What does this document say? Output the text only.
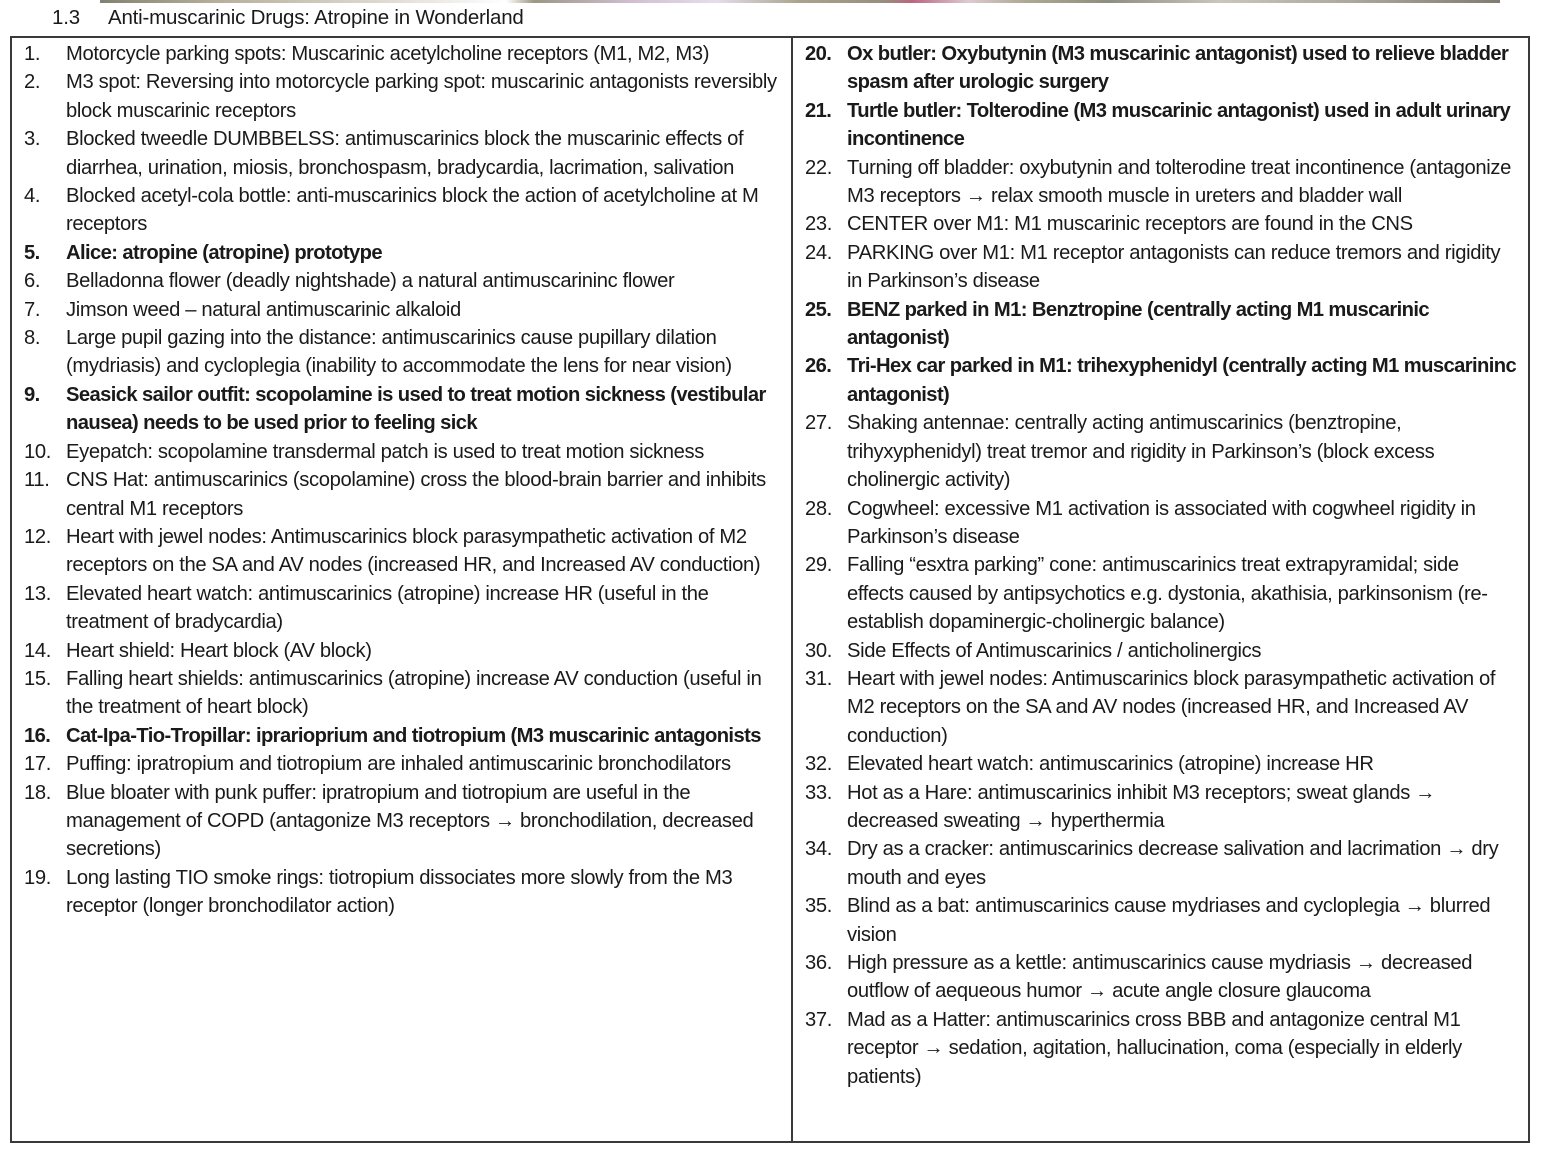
1.3 Anti-muscarinic Drugs: Atropine in Wonderland
1.	Motorcycle parking spots: Muscarinic acetylcholine receptors (M1, M2, M3)
2.	M3 spot: Reversing into motorcycle parking spot: muscarinic antagonists reversibly block muscarinic receptors
3.	Blocked tweedle DUMBBELSS: antimuscarinics block the muscarinic effects of diarrhea, urination, miosis, bronchospasm, bradycardia, lacrimation, salivation
4.	Blocked acetyl-cola bottle: anti-muscarinics block the action of acetylcholine at M receptors
5.	Alice: atropine (atropine) prototype
6.	Belladonna flower (deadly nightshade) a natural antimuscarininc flower
7.	Jimson weed – natural antimuscarinic alkaloid
8.	Large pupil gazing into the distance: antimuscarinics cause pupillary dilation (mydriasis) and cycloplegia (inability to accommodate the lens for near vision)
9.	Seasick sailor outfit: scopolamine is used to treat motion sickness (vestibular nausea) needs to be used prior to feeling sick
10. Eyepatch: scopolamine transdermal patch is used to treat motion sickness
11. CNS Hat: antimuscarinics (scopolamine) cross the blood-brain barrier and inhibits central M1 receptors
12. Heart with jewel nodes: Antimuscarinics block parasympathetic activation of M2 receptors on the SA and AV nodes (increased HR, and Increased AV conduction)
13. Elevated heart watch: antimuscarinics (atropine) increase HR (useful in the treatment of bradycardia)
14. Heart shield: Heart block (AV block)
15. Falling heart shields: antimuscarinics (atropine) increase AV conduction (useful in the treatment of heart block)
16. Cat-Ipa-Tio-Tropillar: iprarioprium and tiotropium (M3 muscarinic antagonists
17. Puffing: ipratropium and tiotropium are inhaled antimuscarinic bronchodilators
18. Blue bloater with punk puffer: ipratropium and tiotropium are useful in the management of COPD (antagonize M3 receptors → bronchodilation, decreased secretions)
19. Long lasting TIO smoke rings: tiotropium dissociates more slowly from the M3 receptor (longer bronchodilator action)
20. Ox butler: Oxybutynin (M3 muscarinic antagonist) used to relieve bladder spasm after urologic surgery
21. Turtle butler: Tolterodine (M3 muscarinic antagonist) used in adult urinary incontinence
22. Turning off bladder: oxybutynin and tolterodine treat incontinence (antagonize M3 receptors → relax smooth muscle in ureters and bladder wall
23. CENTER over M1: M1 muscarinic receptors are found in the CNS
24. PARKING over M1: M1 receptor antagonists can reduce tremors and rigidity in Parkinson’s disease
25. BENZ parked in M1: Benztropine (centrally acting M1 muscarinic antagonist)
26. Tri-Hex car parked in M1: trihexyphenidyl (centrally acting M1 muscarininc antagonist)
27. Shaking antennae: centrally acting antimuscarinics (benztropine, trihyxyphenidyl) treat tremor and rigidity in Parkinson’s (block excess cholinergic activity)
28. Cogwheel: excessive M1 activation is associated with cogwheel rigidity in Parkinson’s disease
29. Falling “esxtra parking” cone: antimuscarinics treat extrapyramidal; side effects caused by antipsychotics e.g. dystonia, akathisia, parkinsonism (re-establish dopaminergic-cholinergic balance)
30. Side Effects of Antimuscarinics / anticholinergics
31. Heart with jewel nodes: Antimuscarinics block parasympathetic activation of M2 receptors on the SA and AV nodes (increased HR, and Increased AV conduction)
32. Elevated heart watch: antimuscarinics (atropine) increase HR
33. Hot as a Hare: antimuscarinics inhibit M3 receptors; sweat glands → decreased sweating → hyperthermia
34. Dry as a cracker: antimuscarinics decrease salivation and lacrimation → dry mouth and eyes
35. Blind as a bat: antimuscarinics cause mydriases and cycloplegia → blurred vision
36. High pressure as a kettle: antimuscarinics cause mydriasis → decreased outflow of aequeous humor → acute angle closure glaucoma
37. Mad as a Hatter: antimuscarinics cross BBB and antagonize central M1 receptor → sedation, agitation, hallucination, coma (especially in elderly patients)
